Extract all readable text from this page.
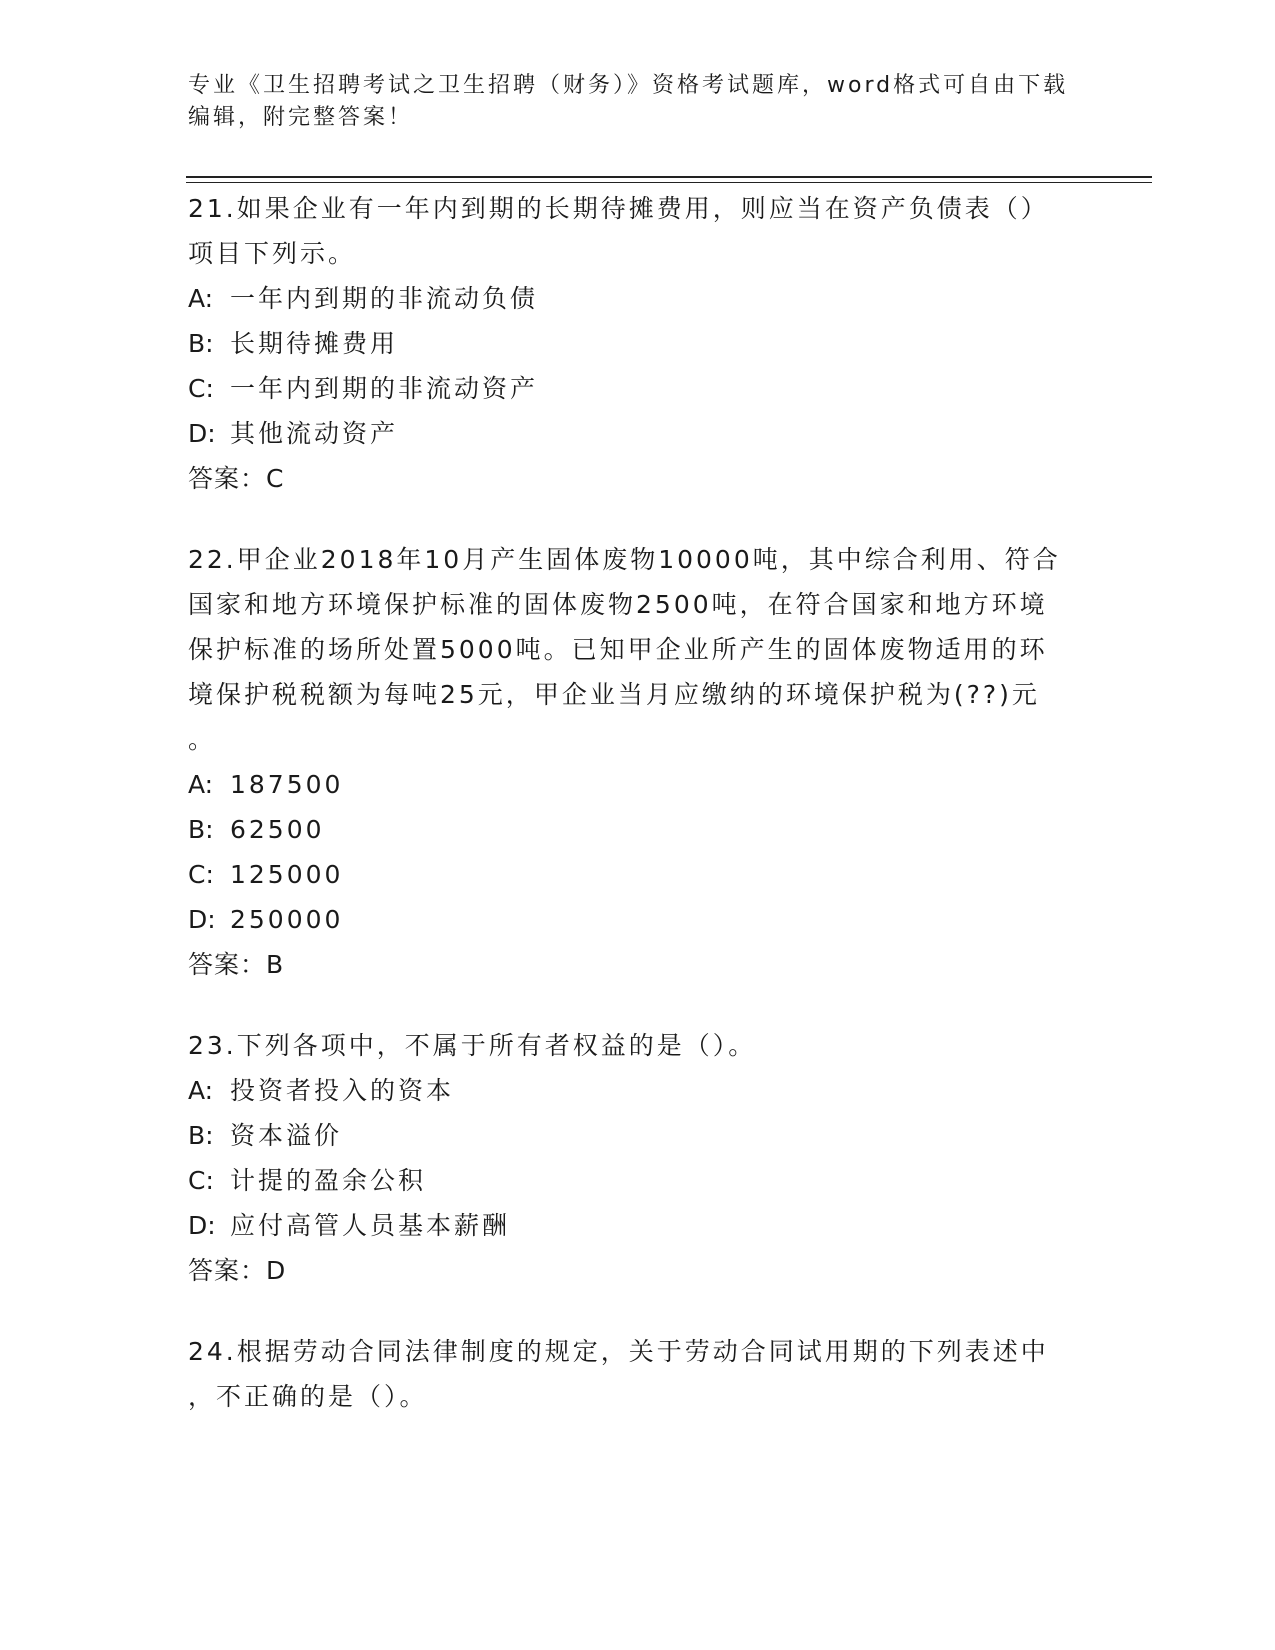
专业《卫生招聘考试之卫生招聘（财务）》资格考试题库，word格式可自由下载
编辑，附完整答案！

21.如果企业有一年内到期的长期待摊费用，则应当在资产负债表（）

项目下列示。

A: 一年内到期的非流动负债

B: 长期待摊费用

C: 一年内到期的非流动资产

D: 其他流动资产

答案：C

22.甲企业2018年10月产生固体废物10000吨，其中综合利用、符合

国家和地方环境保护标准的固体废物2500吨，在符合国家和地方环境

保护标准的场所处置5000吨。已知甲企业所产生的固体废物适用的环

境保护税税额为每吨25元，甲企业当月应缴纳的环境保护税为(??)元

。

A: 187500

B: 62500

C: 125000

D: 250000

答案：B

23.下列各项中，不属于所有者权益的是（）。

A: 投资者投入的资本

B: 资本溢价

C: 计提的盈余公积

D: 应付高管人员基本薪酬

答案：D

24.根据劳动合同法律制度的规定，关于劳动合同试用期的下列表述中

，不正确的是（）。
